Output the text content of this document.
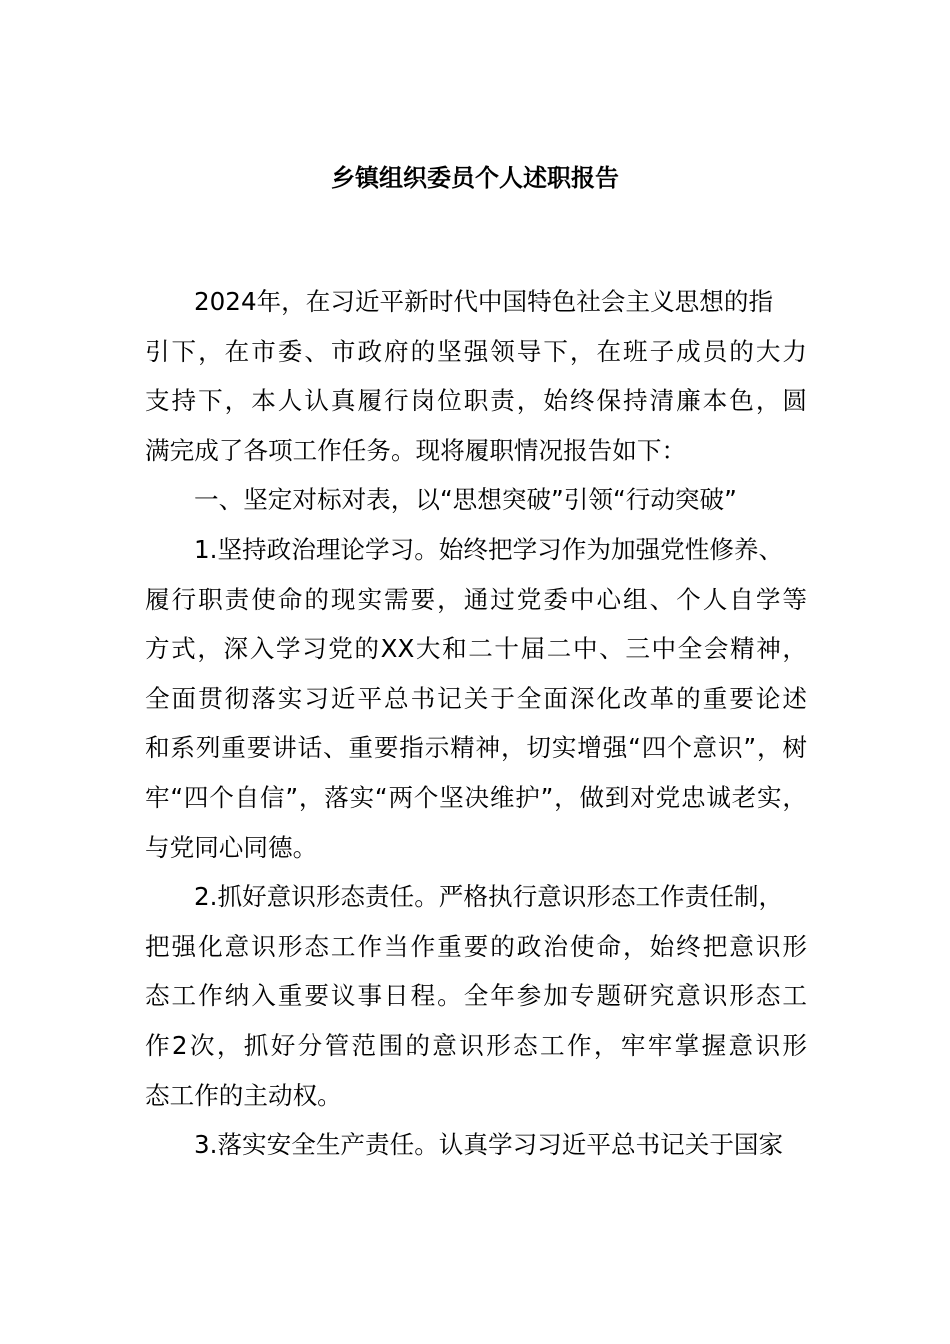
乡镇组织委员个人述职报告
2024年，在习近平新时代中国特色社会主义思想的指
引下，在市委、市政府的坚强领导下，在班子成员的大力
支持下，本人认真履行岗位职责，始终保持清廉本色，圆
满完成了各项工作任务。现将履职情况报告如下：
一、坚定对标对表，以“思想突破”引领“行动突破”
1.坚持政治理论学习。始终把学习作为加强党性修养、
履行职责使命的现实需要，通过党委中心组、个人自学等
方式，深入学习党的XX大和二十届二中、三中全会精神，
全面贯彻落实习近平总书记关于全面深化改革的重要论述
和系列重要讲话、重要指示精神，切实增强“四个意识”，树
牢“四个自信”，落实“两个坚决维护”，做到对党忠诚老实，
与党同心同德。
2.抓好意识形态责任。严格执行意识形态工作责任制，
把强化意识形态工作当作重要的政治使命，始终把意识形
态工作纳入重要议事日程。全年参加专题研究意识形态工
作2次，抓好分管范围的意识形态工作，牢牢掌握意识形
态工作的主动权。
3.落实安全生产责任。认真学习习近平总书记关于国家
